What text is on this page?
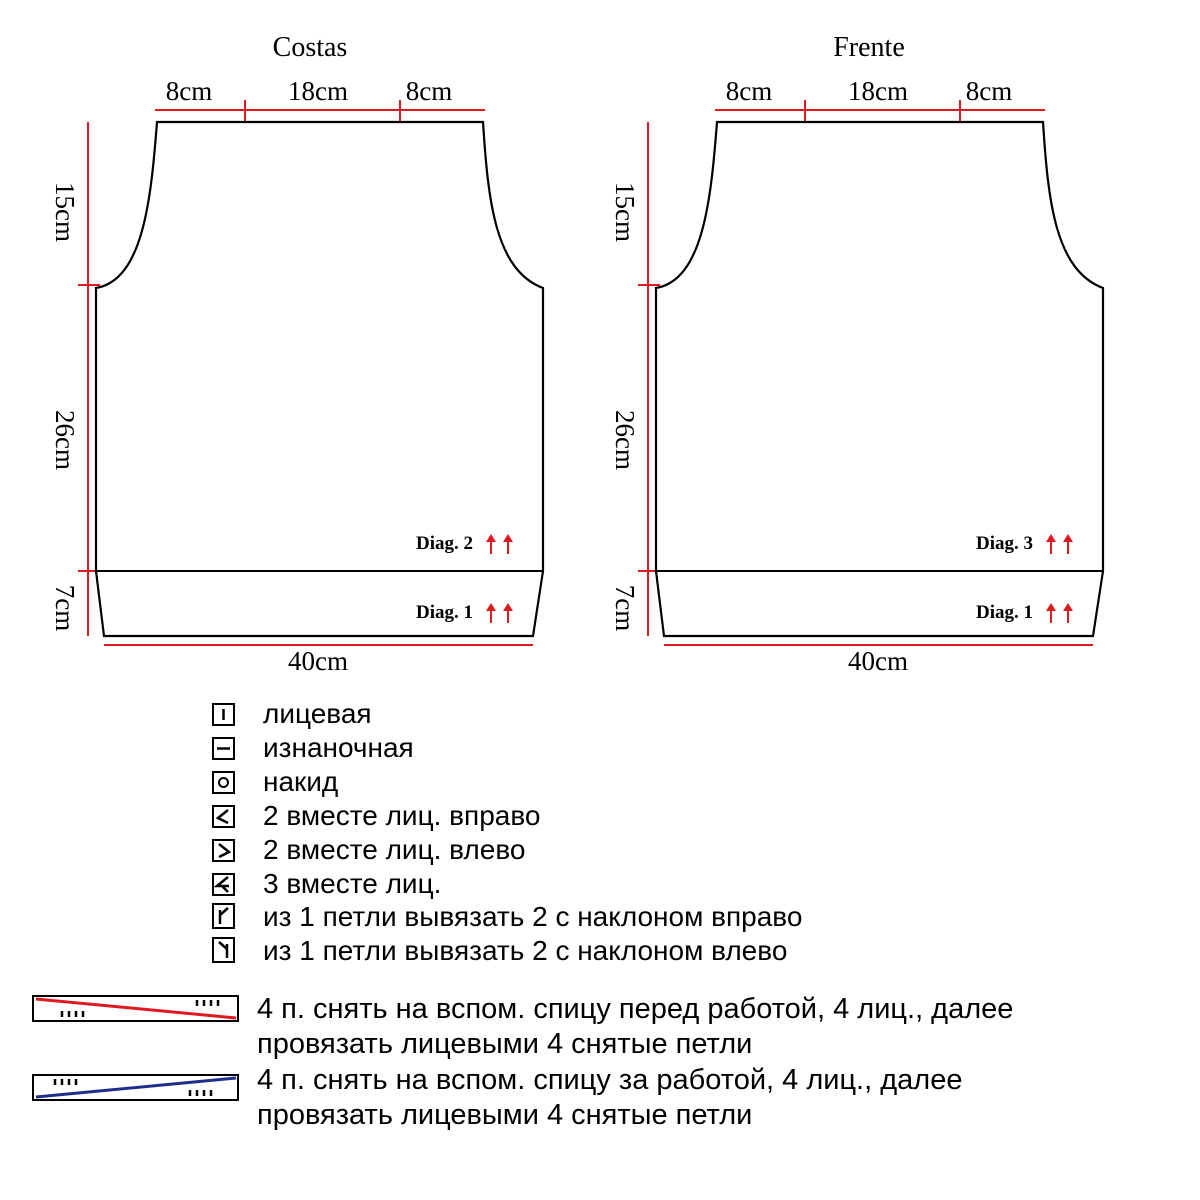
Costas
8cm	18cm 8cm
15cm
26cm
7cm
40cm
Diag. 2
Diag. 1
Frente
8cm	18cm 8cm
15cm
26cm
7cm
40cm
Diag. 3
Diag. 1
лицевая
изнаночная
накид
2 вместе лиц. вправо
2 вместе лиц. влево
3 вместе лиц.
из 1 петли вывязать 2 с наклоном вправо
из 1 петли вывязать 2 с наклоном влево
4 п. снять на вспом. спицу перед работой, 4 лиц., далее
провязать лицевыми 4 снятые петли
4 п. снять на вспом. спицу за работой, 4 лиц., далее
провязать лицевыми 4 снятые петли
